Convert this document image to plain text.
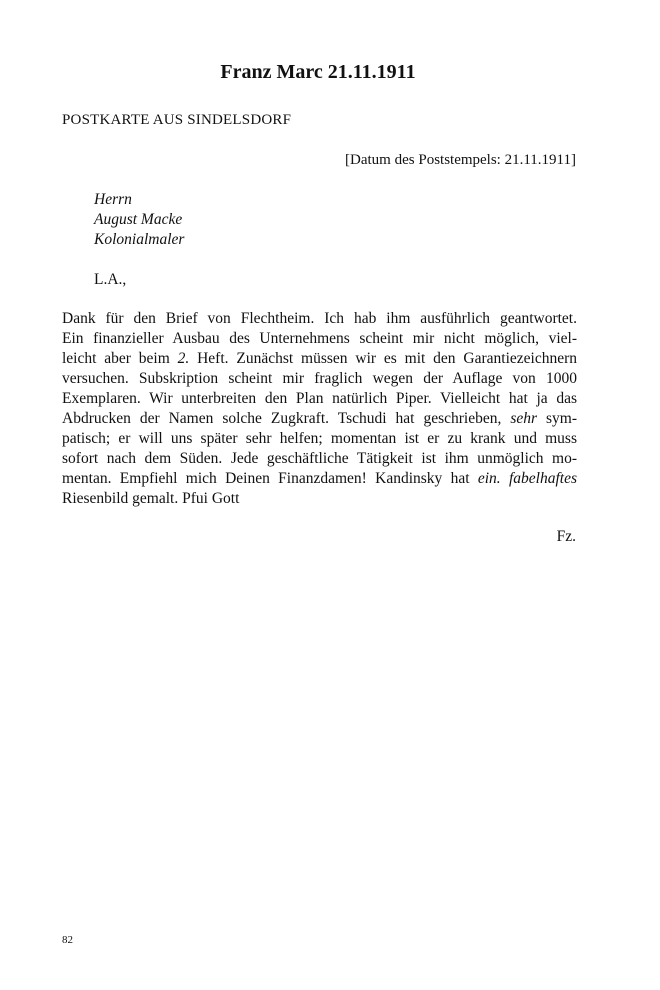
Franz Marc 21.11.1911
POSTKARTE AUS SINDELSDORF
[Datum des Poststempels: 21.11.1911]
Herrn
August Macke
Kolonialmaler
L.A.,
Dank für den Brief von Flechtheim. Ich hab ihm ausführlich geantwortet.
Ein finanzieller Ausbau des Unternehmens scheint mir nicht möglich, viel-
leicht aber beim 2. Heft. Zunächst müssen wir es mit den Garantiezeichnern
versuchen. Subskription scheint mir fraglich wegen der Auflage von 1000
Exemplaren. Wir unterbreiten den Plan natürlich Piper. Vielleicht hat ja das
Abdrucken der Namen solche Zugkraft. Tschudi hat geschrieben, sehr sym-
patisch; er will uns später sehr helfen; momentan ist er zu krank und muss
sofort nach dem Süden. Jede geschäftliche Tätigkeit ist ihm unmöglich mo-
mentan. Empfiehl mich Deinen Finanzdamen! Kandinsky hat ein. fabelhaftes
Riesenbild gemalt. Pfui Gott
Fz.
82
